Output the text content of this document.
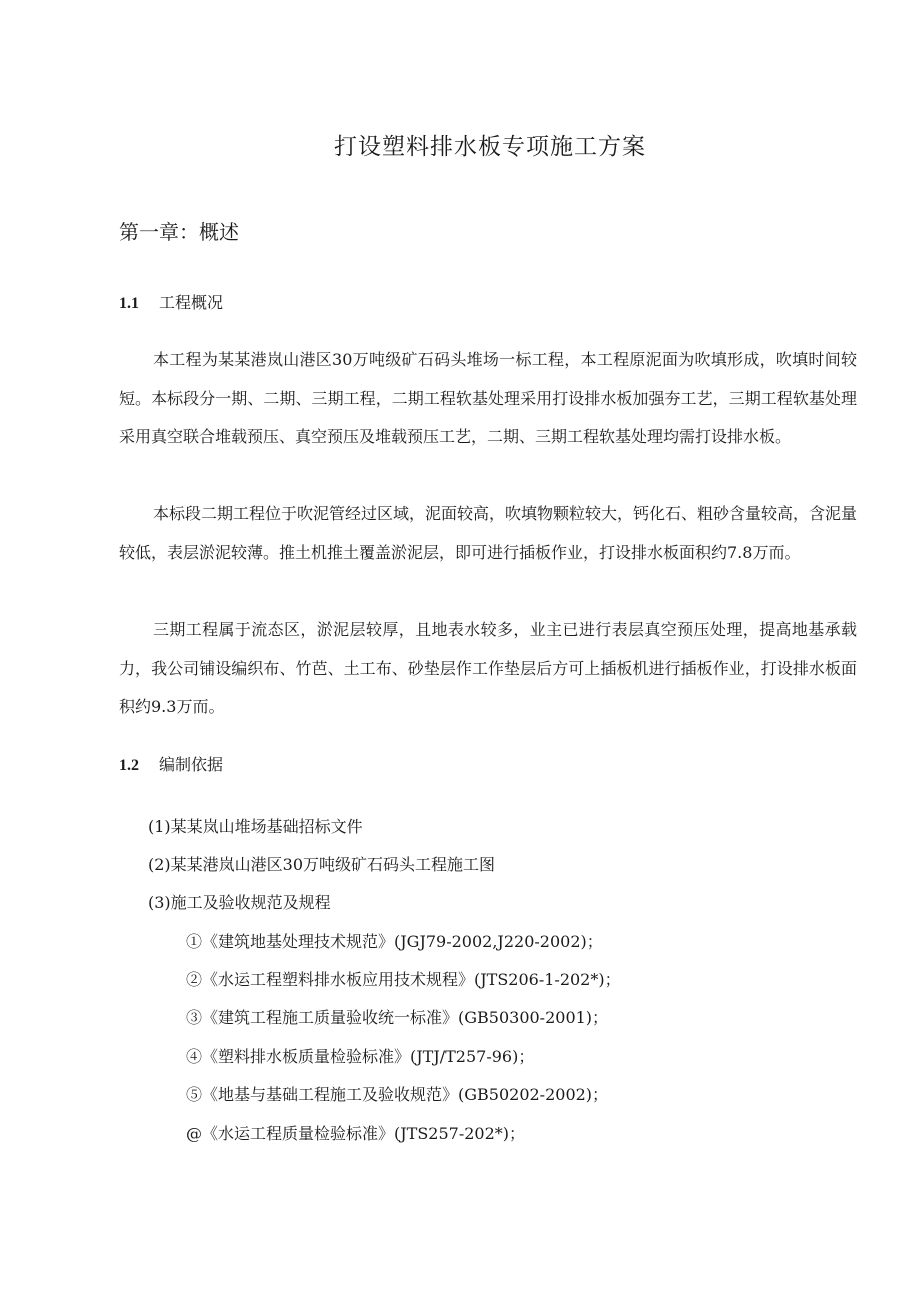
打设塑料排水板专项施工方案
第一章：概述
1.1 工程概况

本工程为某某港岚山港区30万吨级矿石码头堆场一标工程，本工程原泥面为吹填形成，吹填时间较短。本标段分一期、二期、三期工程，二期工程软基处理采用打设排水板加强夯工艺，三期工程软基处理采用真空联合堆载预压、真空预压及堆载预压工艺，二期、三期工程软基处理均需打设排水板。

本标段二期工程位于吹泥管经过区域，泥面较高，吹填物颗粒较大，钙化石、粗砂含量较高，含泥量较低，表层淤泥较薄。推土机推土覆盖淤泥层，即可进行插板作业，打设排水板面积约7.8万而。

三期工程属于流态区，淤泥层较厚，且地表水较多，业主已进行表层真空预压处理，提高地基承载力，我公司铺设编织布、竹芭、土工布、砂垫层作工作垫层后方可上插板机进行插板作业，打设排水板面积约9.3万而。

1.2 编制依据

(1)某某岚山堆场基础招标文件

(2)某某港岚山港区30万吨级矿石码头工程施工图

(3)施工及验收规范及规程

①《建筑地基处理技术规范》(JGJ79-2002,J220-2002)；

②《水运工程塑料排水板应用技术规程》(JTS206-1-202*)；

③《建筑工程施工质量验收统一标准》(GB50300-2001)；

④《塑料排水板质量检验标准》(JTJ/T257-96)；

⑤《地基与基础工程施工及验收规范》(GB50202-2002)；

@《水运工程质量检验标准》(JTS257-202*)；
